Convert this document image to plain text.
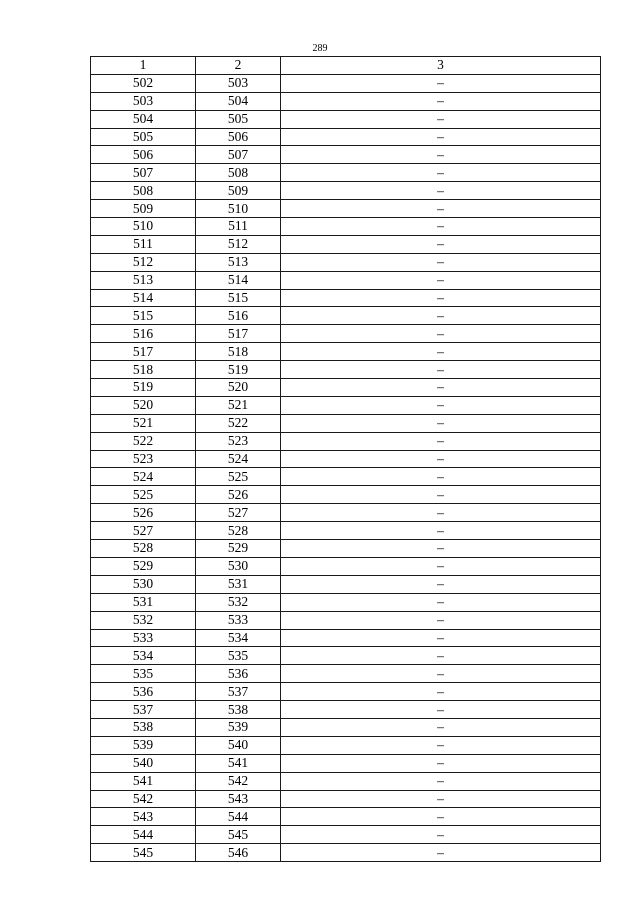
289
1	2	3
502	503	–
503	504	–
504	505	–
505	506	–
506	507	–
507	508	–
508	509	–
509	510	–
510	511	–
511	512	–
512	513	–
513	514	–
514	515	–
515	516	–
516	517	–
517	518	–
518	519	–
519	520	–
520	521	–
521	522	–
522	523	–
523	524	–
524	525	–
525	526	–
526	527	–
527	528	–
528	529	–
529	530	–
530	531	–
531	532	–
532	533	–
533	534	–
534	535	–
535	536	–
536	537	–
537	538	–
538	539	–
539	540	–
540	541	–
541	542	–
542	543	–
543	544	–
544	545	–
545	546	–
